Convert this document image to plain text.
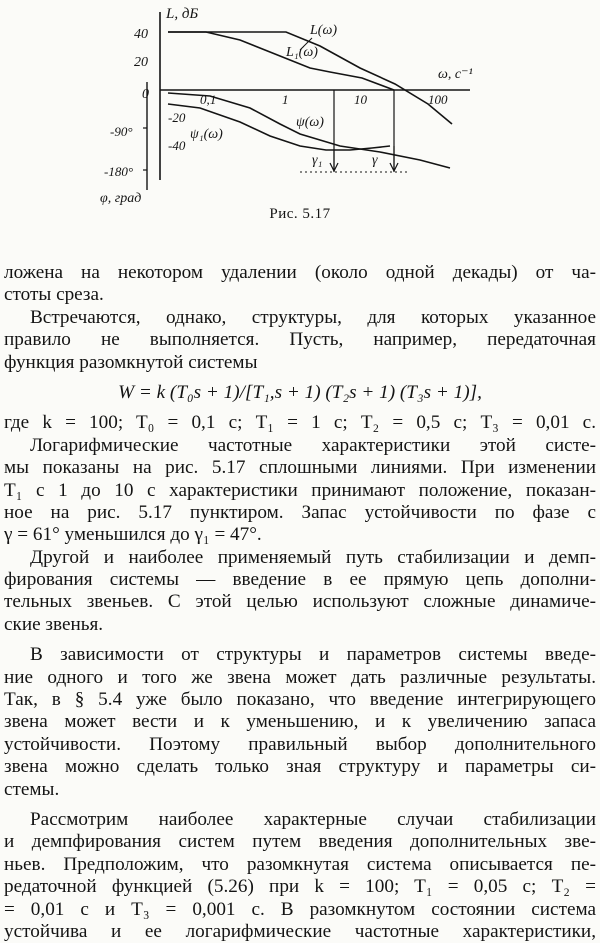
L, дБ
φ, град
ω, с⁻¹
40
20
0
-20
-40
-90°
-180°
0,1	1	10	100
L(ω)
L₁(ω)
ψ(ω)
ψ₁(ω)
γ₁	γ
Рис. 5.17
ложена на некотором удалении (около одной декады) от ча-
стоты среза.
Встречаются, однако, структуры, для которых указанное
правило не выполняется. Пусть, например, передаточная
функция разомкнутой системы
W = k (T₀s + 1)/[T₁,s + 1) (T₂s + 1) (T₃s + 1)],
где k = 100; T₀ = 0,1 с; T₁ = 1 с; T₂ = 0,5 с; T₃ = 0,01 с.
Логарифмические частотные характеристики этой систе-
мы показаны на рис. 5.17 сплошными линиями. При изменении
T₁ с 1 до 10 с характеристики принимают положение, показан-
ное на рис. 5.17 пунктиром. Запас устойчивости по фазе с
γ = 61° уменьшился до γ₁ = 47°.
Другой и наиболее применяемый путь стабилизации и демп-
фирования системы — введение в ее прямую цепь дополни-
тельных звеньев. С этой целью используют сложные динамиче-
ские звенья.
В зависимости от структуры и параметров системы введе-
ние одного и того же звена может дать различные результаты.
Так, в § 5.4 уже было показано, что введение интегрирующего
звена может вести и к уменьшению, и к увеличению запаса
устойчивости. Поэтому правильный выбор дополнительного
звена можно сделать только зная структуру и параметры си-
стемы.
Рассмотрим наиболее характерные случаи стабилизации
и демпфирования систем путем введения дополнительных зве-
ньев. Предположим, что разомкнутая система описывается пе-
редаточной функцией (5.26) при k = 100; T₁ = 0,05 с; T₂ =
= 0,01 с и T₃ = 0,001 с. В разомкнутом состоянии система
устойчива и ее логарифмические частотные характеристики,
